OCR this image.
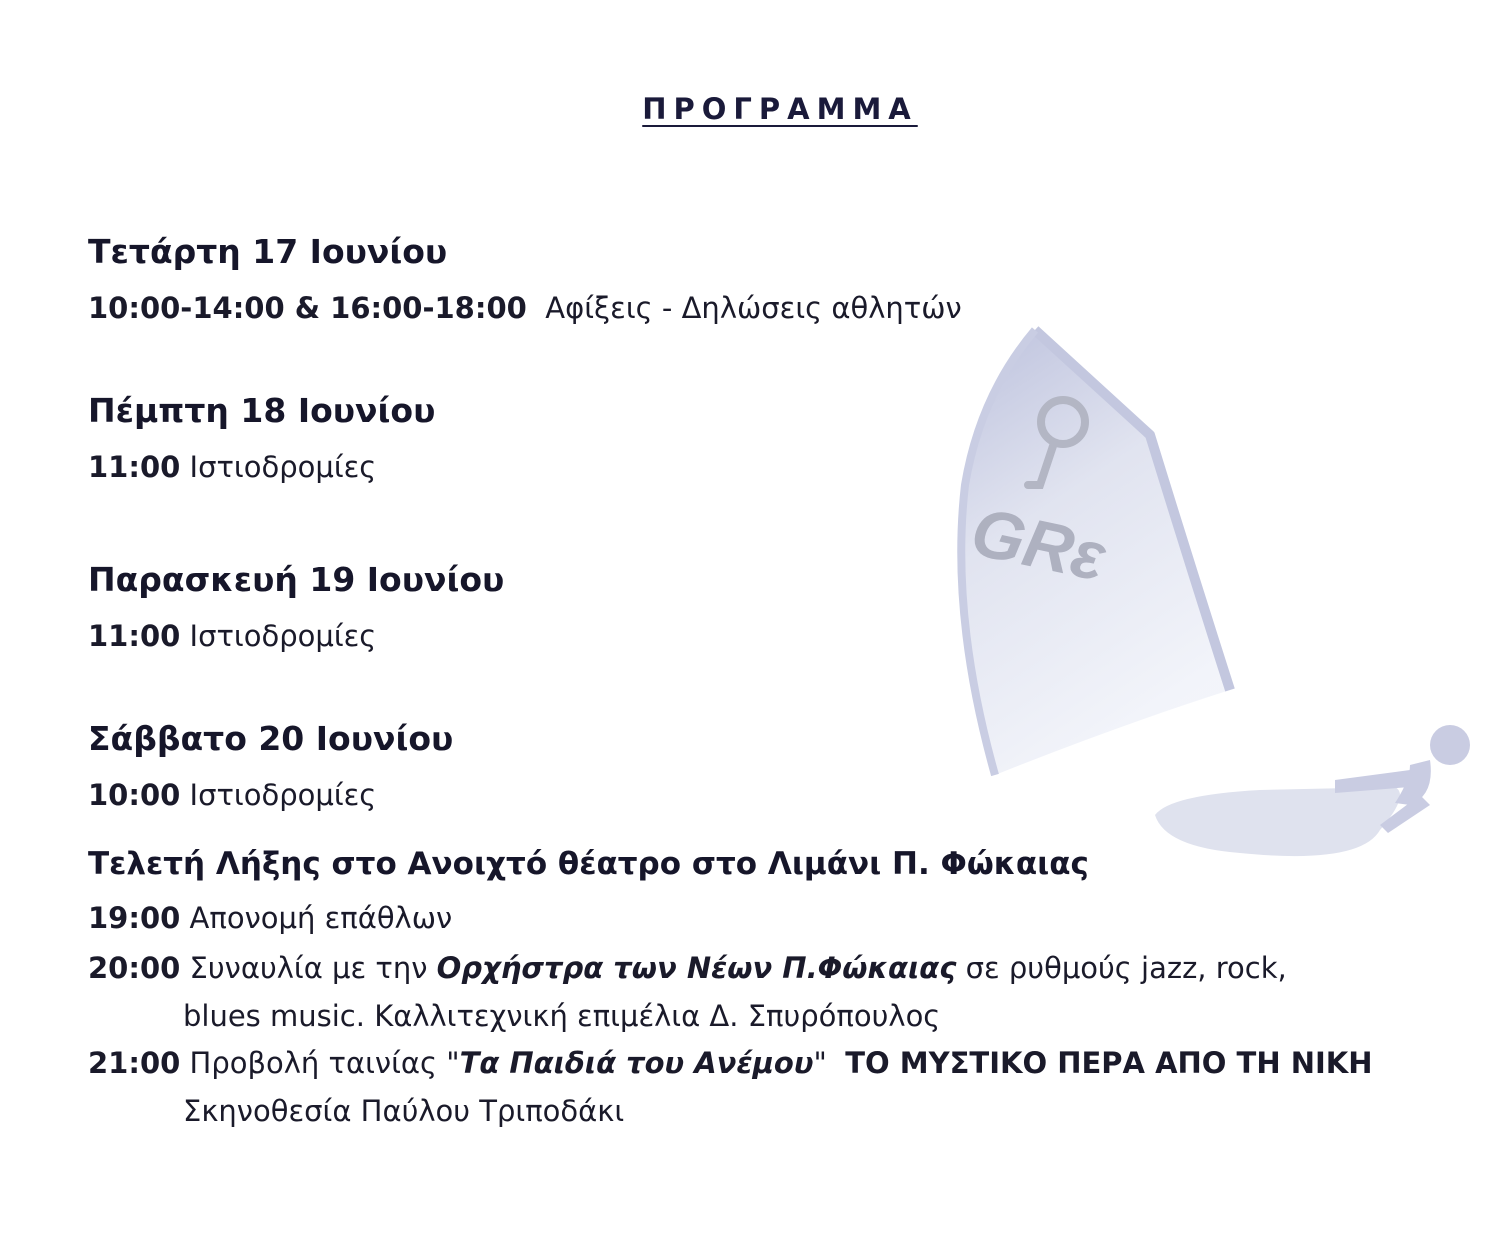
GRε
ΠΡΟΓΡΑΜΜΑ
Τετάρτη 17 Ιουνίου
10:00-14:00 & 16:00-18:00 Αφίξεις - Δηλώσεις αθλητών
Πέμπτη 18 Ιουνίου
11:00 Ιστιοδρομίες
Παρασκευή 19 Ιουνίου
11:00 Ιστιοδρομίες
Σάββατο 20 Ιουνίου
10:00 Ιστιοδρομίες
Τελετή Λήξης στο Ανοιχτό θέατρο στο Λιμάνι Π. Φώκαιας
19:00 Απονομή επάθλων
20:00 Συναυλία με την Ορχήστρα των Νέων Π.Φώκαιας σε ρυθμούς jazz, rock,
blues music. Καλλιτεχνική επιμέλια Δ. Σπυρόπουλος
21:00 Προβολή ταινίας "Τα Παιδιά του Ανέμου" ΤΟ ΜΥΣΤΙΚΟ ΠΕΡΑ ΑΠΟ ΤΗ ΝΙΚΗ
Σκηνοθεσία Παύλου Τριποδάκι
